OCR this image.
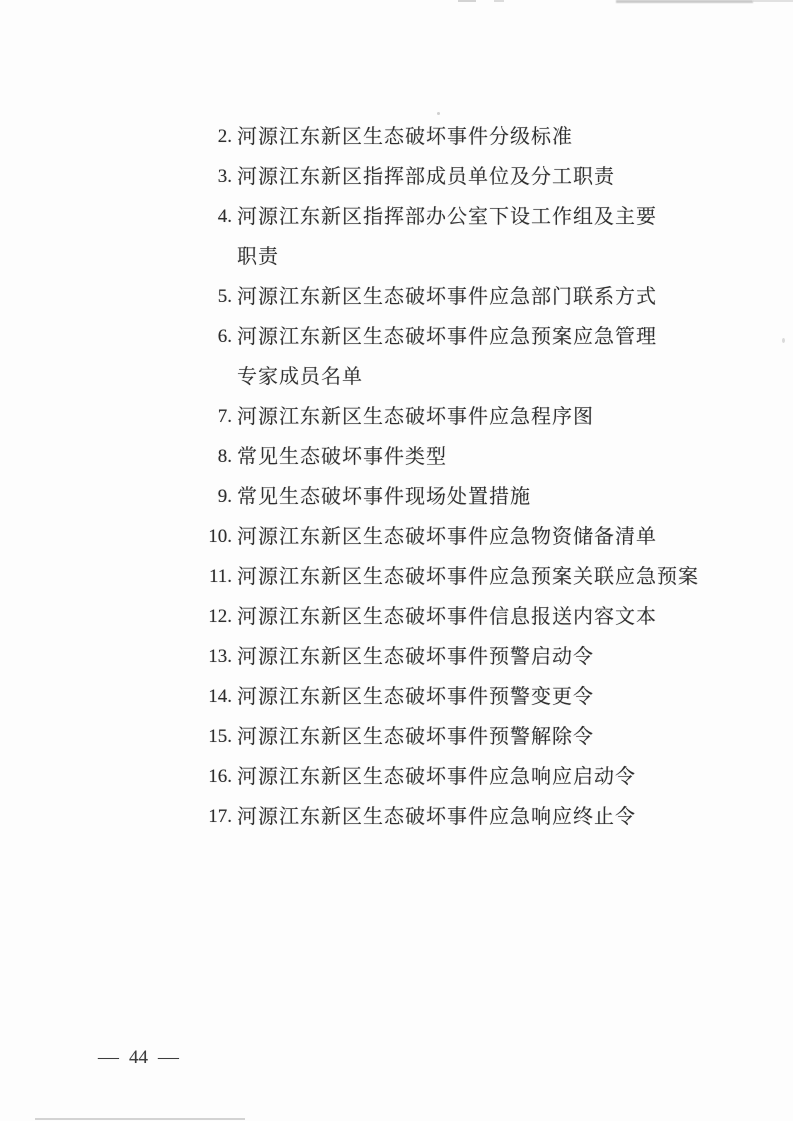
2. 河源江东新区生态破坏事件分级标准
3. 河源江东新区指挥部成员单位及分工职责
4. 河源江东新区指挥部办公室下设工作组及主要
职责
5. 河源江东新区生态破坏事件应急部门联系方式
6. 河源江东新区生态破坏事件应急预案应急管理
专家成员名单
7. 河源江东新区生态破坏事件应急程序图
8. 常见生态破坏事件类型
9. 常见生态破坏事件现场处置措施
10. 河源江东新区生态破坏事件应急物资储备清单
11. 河源江东新区生态破坏事件应急预案关联应急预案
12. 河源江东新区生态破坏事件信息报送内容文本
13. 河源江东新区生态破坏事件预警启动令
14. 河源江东新区生态破坏事件预警变更令
15. 河源江东新区生态破坏事件预警解除令
16. 河源江东新区生态破坏事件应急响应启动令
17. 河源江东新区生态破坏事件应急响应终止令
— 44 —
